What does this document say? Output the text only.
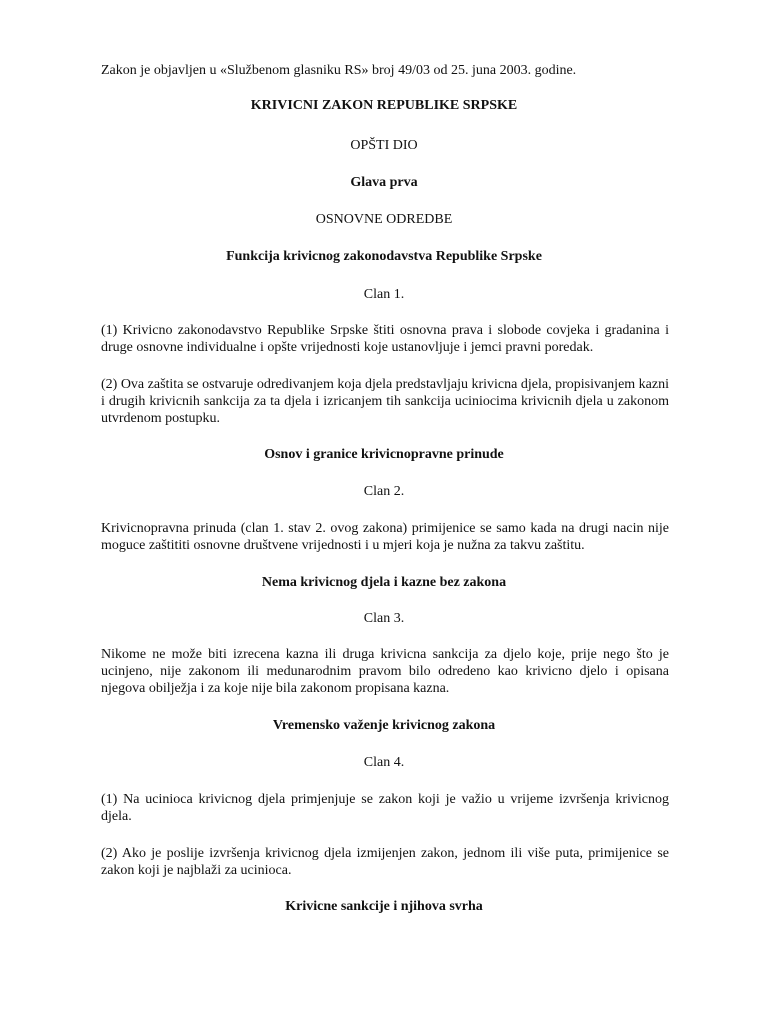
Zakon je objavljen u «Službenom glasniku RS» broj 49/03 od 25. juna 2003. godine.
KRIVICNI ZAKON REPUBLIKE SRPSKE
OPŠTI DIO
Glava prva
OSNOVNE ODREDBE
Funkcija krivicnog zakonodavstva Republike Srpske
Clan 1.
(1) Krivicno zakonodavstvo Republike Srpske štiti osnovna prava i slobode covjeka i gradanina i druge osnovne individualne i opšte vrijednosti koje ustanovljuje i jemci pravni poredak.
(2) Ova zaštita se ostvaruje odredivanjem koja djela predstavljaju krivicna djela, propisivanjem kazni i drugih krivicnih sankcija za ta djela i izricanjem tih sankcija uciniocima krivicnih djela u zakonom utvrdenom postupku.
Osnov i granice krivicnopravne prinude
Clan 2.
Krivicnopravna prinuda (clan 1. stav 2. ovog zakona) primijenice se samo kada na drugi nacin nije moguce zaštititi osnovne društvene vrijednosti i u mjeri koja je nužna za takvu zaštitu.
Nema krivicnog djela i kazne bez zakona
Clan 3.
Nikome ne može biti izrecena kazna ili druga krivicna sankcija za djelo koje, prije nego što je ucinjeno, nije zakonom ili medunarodnim pravom bilo odredeno kao krivicno djelo i opisana njegova obilježja i za koje nije bila zakonom propisana kazna.
Vremensko važenje krivicnog zakona
Clan 4.
(1) Na ucinioca krivicnog djela primjenjuje se zakon koji je važio u vrijeme izvršenja krivicnog djela.
(2) Ako je poslije izvršenja krivicnog djela izmijenjen zakon, jednom ili više puta, primijenice se zakon koji je najblaži za ucinioca.
Krivicne sankcije i njihova svrha
